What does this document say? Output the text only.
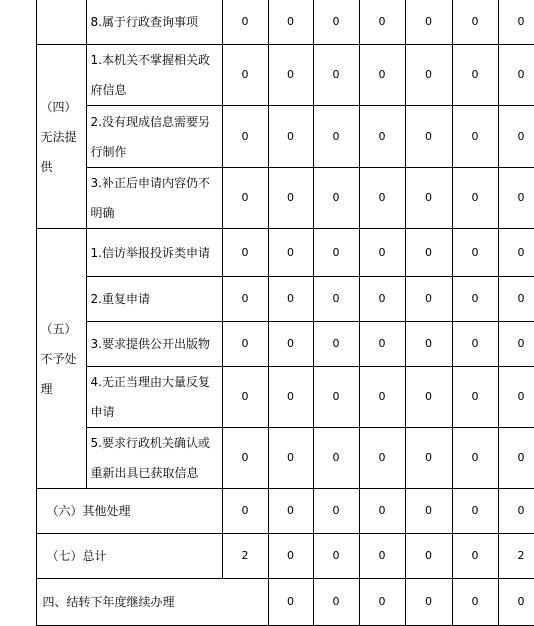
		8.属于行政查询事项	0	0	0	0	0	0	0	
	（四）无法提供	1.本机关不掌握相关政府信息	0	0	0	0	0	0	0	
		2.没有现成信息需要另行制作	0	0	0	0	0	0	0	
		3.补正后申请内容仍不明确	0	0	0	0	0	0	0	
	（五）不予处理	1.信访举报投诉类申请	0	0	0	0	0	0	0	
		2.重复申请	0	0	0	0	0	0	0	
		3.要求提供公开出版物	0	0	0	0	0	0	0	
		4.无正当理由大量反复申请	0	0	0	0	0	0	0	
		5.要求行政机关确认或重新出具已获取信息	0	0	0	0	0	0	0	
	（六）其他处理		0	0	0	0	0	0	0	
	（七）总计		2	0	0	0	0	0	2	
	四、结转下年度继续办理			0	0	0	0	0	0	
